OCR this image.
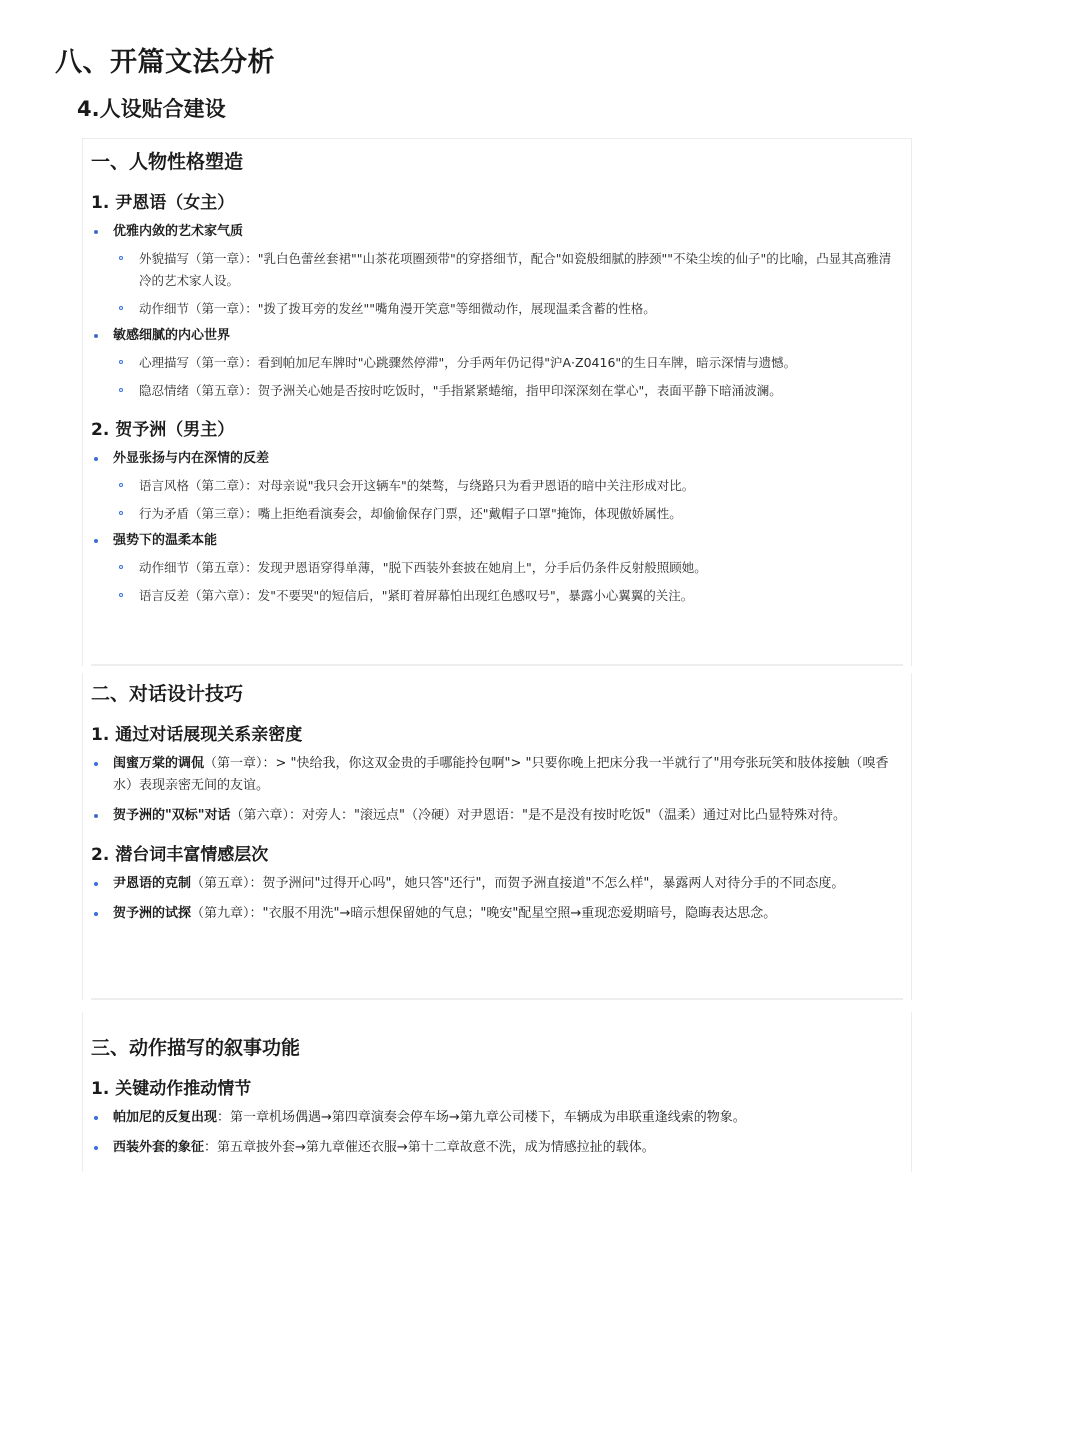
八、开篇文法分析
4.人设贴合建设
一、人物性格塑造
1. 尹恩语（女主）
优雅内敛的艺术家气质
外貌描写（第一章）："乳白色蕾丝套裙""山茶花项圈颈带"的穿搭细节，配合"如瓷般细腻的脖颈""不染尘埃的仙子"的比喻，凸显其高雅清冷的艺术家人设。
动作细节（第一章）："拨了拨耳旁的发丝""嘴角漫开笑意"等细微动作，展现温柔含蓄的性格。
敏感细腻的内心世界
心理描写（第一章）：看到帕加尼车牌时"心跳骤然停滞"，分手两年仍记得"沪A·Z0416"的生日车牌，暗示深情与遗憾。
隐忍情绪（第五章）：贺予洲关心她是否按时吃饭时，"手指紧紧蜷缩，指甲印深深刻在掌心"，表面平静下暗涌波澜。
2. 贺予洲（男主）
外显张扬与内在深情的反差
语言风格（第二章）：对母亲说"我只会开这辆车"的桀骜，与绕路只为看尹恩语的暗中关注形成对比。
行为矛盾（第三章）：嘴上拒绝看演奏会，却偷偷保存门票，还"戴帽子口罩"掩饰，体现傲娇属性。
强势下的温柔本能
动作细节（第五章）：发现尹恩语穿得单薄，"脱下西装外套披在她肩上"，分手后仍条件反射般照顾她。
语言反差（第六章）：发"不要哭"的短信后，"紧盯着屏幕怕出现红色感叹号"，暴露小心翼翼的关注。
二、对话设计技巧
1. 通过对话展现关系亲密度
闺蜜万棠的调侃（第一章）：> "快给我，你这双金贵的手哪能拎包啊"> "只要你晚上把床分我一半就行了"用夸张玩笑和肢体接触（嗅香水）表现亲密无间的友谊。
贺予洲的"双标"对话（第六章）：对旁人："滚远点"（冷硬）对尹恩语："是不是没有按时吃饭"（温柔）通过对比凸显特殊对待。
2. 潜台词丰富情感层次
尹恩语的克制（第五章）：贺予洲问"过得开心吗"，她只答"还行"，而贺予洲直接道"不怎么样"，暴露两人对待分手的不同态度。
贺予洲的试探（第九章）："衣服不用洗"→暗示想保留她的气息；"晚安"配星空照→重现恋爱期暗号，隐晦表达思念。
三、动作描写的叙事功能
1. 关键动作推动情节
帕加尼的反复出现：第一章机场偶遇→第四章演奏会停车场→第九章公司楼下，车辆成为串联重逢线索的物象。
西装外套的象征：第五章披外套→第九章催还衣服→第十二章故意不洗，成为情感拉扯的载体。
